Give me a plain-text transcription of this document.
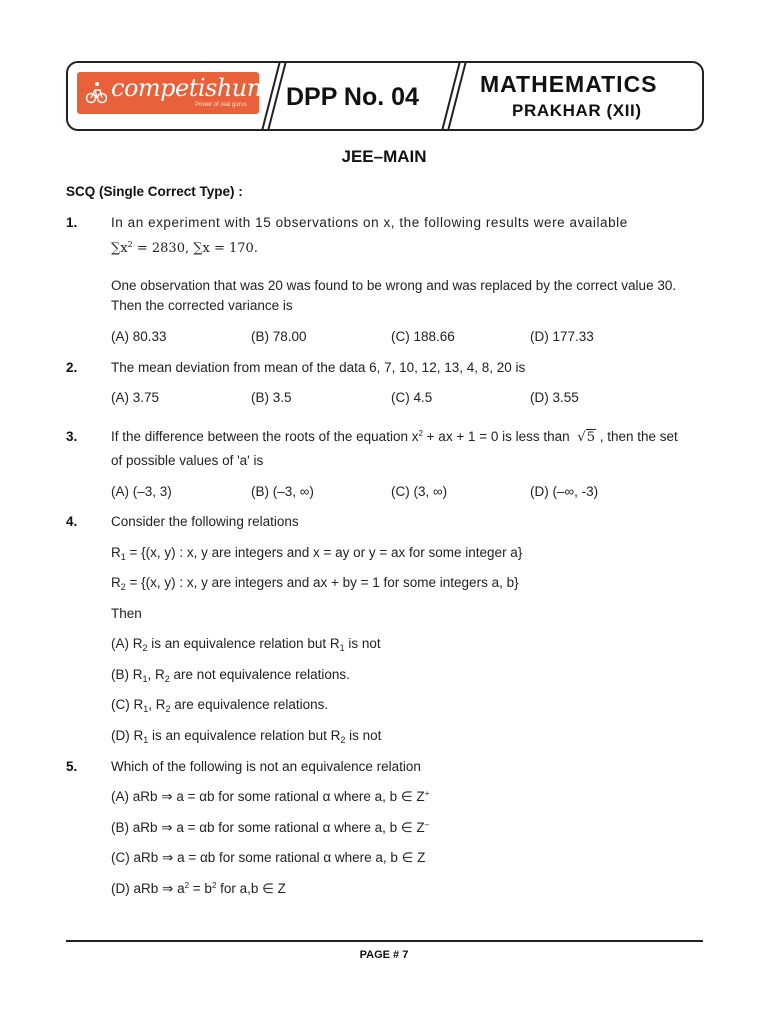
competishun
Power of real gurus DPP No. 04	MATHEMATICS
PRAKHAR (XII)
JEE–MAIN
SCQ (Single Correct Type) :
1. In an experiment with 15 observations on x, the following results were available
$\sum x^2 = 2830$, ∑x = 170.
One observation that was 20 was found to be wrong and was replaced by the correct value 30.
Then the corrected variance is
(A) 80.33	(B) 78.00	(C) 188.66	(D) 177.33
2. The mean deviation from mean of the data 6, 7, 10, 12, 13, 4, 8, 20 is
(A) 3.75	(B) 3.5	(C) 4.5	(D) 3.55
3. If the difference between the roots of the equation $x^2$ + ax + 1 = 0 is less than √5 , then the set
of possible values of 'a' is
(A) (–3, 3)	(B) (–3, ∞)	(C) (3, ∞)	(D) (–∞, -3)
4. Consider the following relations
$R_1 = \{(x$, y) : x, y are integers and x = ay or y = ax for some integer a}
$R_2 = \{(x$, y) : x, y are integers and ax + by = 1 for some integers a, b}
Then
(A) $R_2$ is an equivalence relation but $R_1$ is not
(B) $R_1$, $R_2$ are not equivalence relations.
(C) $R_1$, $R_2$ are equivalence relations.
(D) $R_1$ is an equivalence relation but $R_2$ is not
5. Which of the following is not an equivalence relation
(A) aRb ⇒ a = αb for some rational α where a, b ∈ Z+
(B) aRb ⇒ a = αb for some rational α where a, b ∈ Z–
(C) aRb ⇒ a = αb for some rational α where a, b ∈ Z
(D) aRb ⇒ $a^2 = b^2$ for a,b ∈ Z
PAGE # 7
